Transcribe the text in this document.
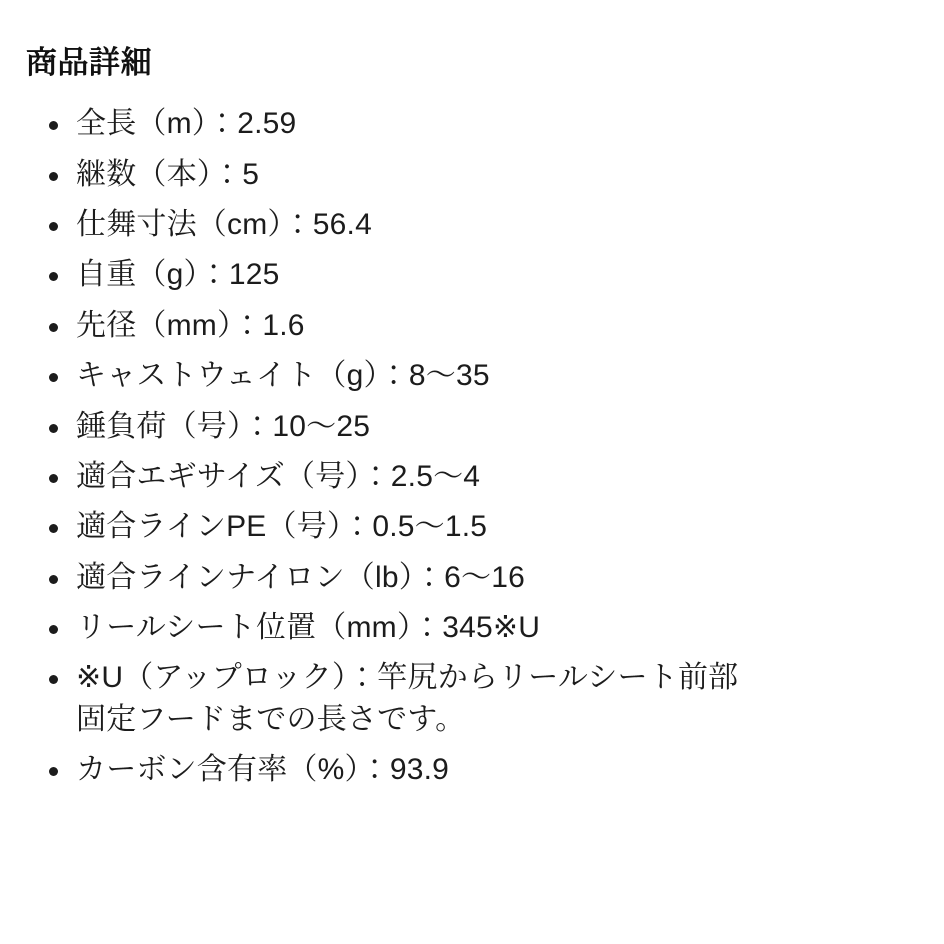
商品詳細
全長（m）：2.59
継数（本）：5
仕舞寸法（cm）：56.4
自重（g）：125
先径（mm）：1.6
キャストウェイト（g）：8〜35
錘負荷（号）：10〜25
適合エギサイズ（号）：2.5〜4
適合ラインPE（号）：0.5〜1.5
適合ラインナイロン（lb）：6〜16
リールシート位置（mm）：345※U
※U（アップロック）：竿尻からリールシート前部
固定フードまでの長さです。
カーボン含有率（%）：93.9
